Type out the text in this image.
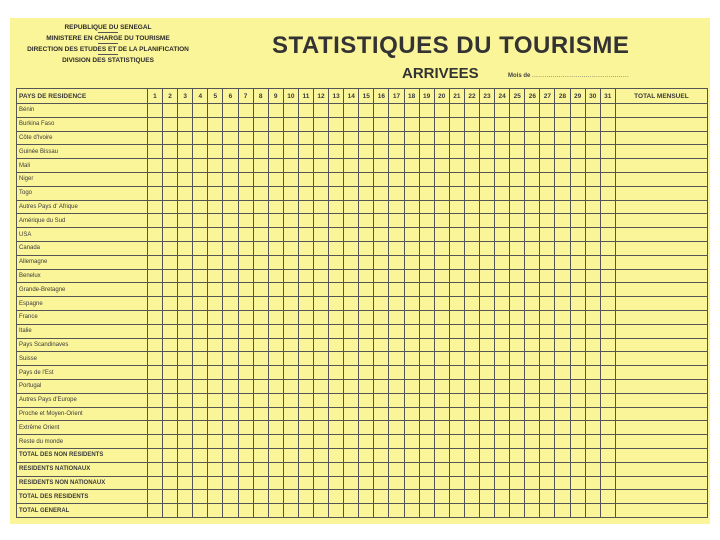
REPUBLIQUE DU SENEGAL
MINISTERE EN CHARGE DU TOURISME
DIRECTION DES ETUDES ET DE LA PLANIFICATION
DIVISION DES STATISTIQUES
STATISTIQUES DU TOURISME
ARRIVEES	Mois de ...............................................
PAYS DE RESIDENCE	1	2	3	4	5	6	7	8	9	10	11	12	13	14	15	16	17	18	19	20	21	22	23	24	25	26	27	28	29	30	31	TOTAL MENSUEL
Bénin																																
Burkina Faso																																
Côte d'Ivoire																																
Guinée Bissau																																
Mali																																
Niger																																
Togo																																
Autres Pays d' Afrique																																
Amérique du Sud																																
USA																																
Canada																																
Allemagne																																
Benelux																																
Grande-Bretagne																																
Espagne																																
France																																
Italie																																
Pays Scandinaves																																
Suisse																																
Pays de l'Est																																
Portugal																																
Autres Pays d'Europe																																
Proche et Moyen-Orient																																
Extrême Orient																																
Reste du monde																																
TOTAL DES NON RESIDENTS																																
RESIDENTS NATIONAUX																																
RESIDENTS NON NATIONAUX																																
TOTAL DES RESIDENTS																																
TOTAL GENERAL																																
